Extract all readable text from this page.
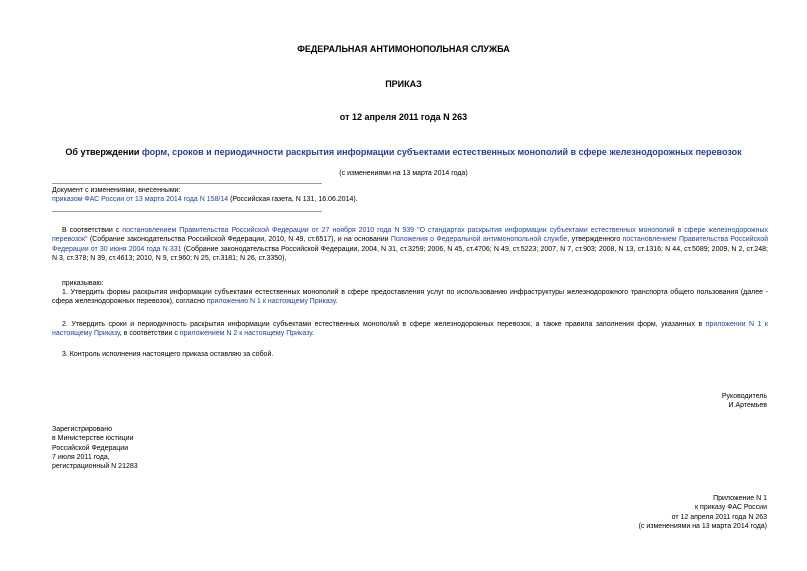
ФЕДЕРАЛЬНАЯ АНТИМОНОПОЛЬНАЯ СЛУЖБА
ПРИКАЗ
от 12 апреля 2011 года N 263
Об утверждении форм, сроков и периодичности раскрытия информации субъектами естественных монополий в сфере железнодорожных перевозок
(с изменениями на 13 марта 2014 года)
Документ с изменениями, внесенными:
приказом ФАС России от 13 марта 2014 года N 158/14 (Российская газета, N 131, 16.06.2014).
В соответствии с постановлением Правительства Российской Федерации от 27 ноября 2010 года N 939 "О стандартах раскрытия информации субъектами естественных монополий в сфере железнодорожных перевозок" (Собрание законодательства Российской Федерации, 2010, N 49, ст.6517), и на основании Положения о Федеральной антимонопольной службе, утвержденного постановлением Правительства Российской Федерации от 30 июня 2004 года N 331 (Собрание законодательства Российской Федерации, 2004, N 31, ст.3259; 2006, N 45, ст.4706; N 49, ст.5223; 2007, N 7, ст.903; 2008, N 13, ст.1316; N 44, ст.5089; 2009, N 2, ст.248; N 3, ст.378; N 39, ст.4613; 2010, N 9, ст.960; N 25, ст.3181; N 26, ст.3350),
приказываю:
1. Утвердить формы раскрытия информации субъектами естественных монополий в сфере предоставления услуг по использованию инфраструктуры железнодорожного транспорта общего пользования (далее - сфера железнодорожных перевозок), согласно приложению N 1 к настоящему Приказу.
2. Утвердить сроки и периодичность раскрытия информации субъектами естественных монополий в сфере железнодорожных перевозок, а также правила заполнения форм, указанных в приложении N 1 к настоящему Приказу, в соответствии с приложением N 2 к настоящему Приказу.
3. Контроль исполнения настоящего приказа оставляю за собой.
Руководитель
И.Артемьев
Зарегистрировано
в Министерстве юстиции
Российской Федерации
7 июля 2011 года,
регистрационный N 21283
Приложение N 1
к приказу ФАС России
от 12 апреля 2011 года N 263
(с изменениями на 13 марта 2014 года)
